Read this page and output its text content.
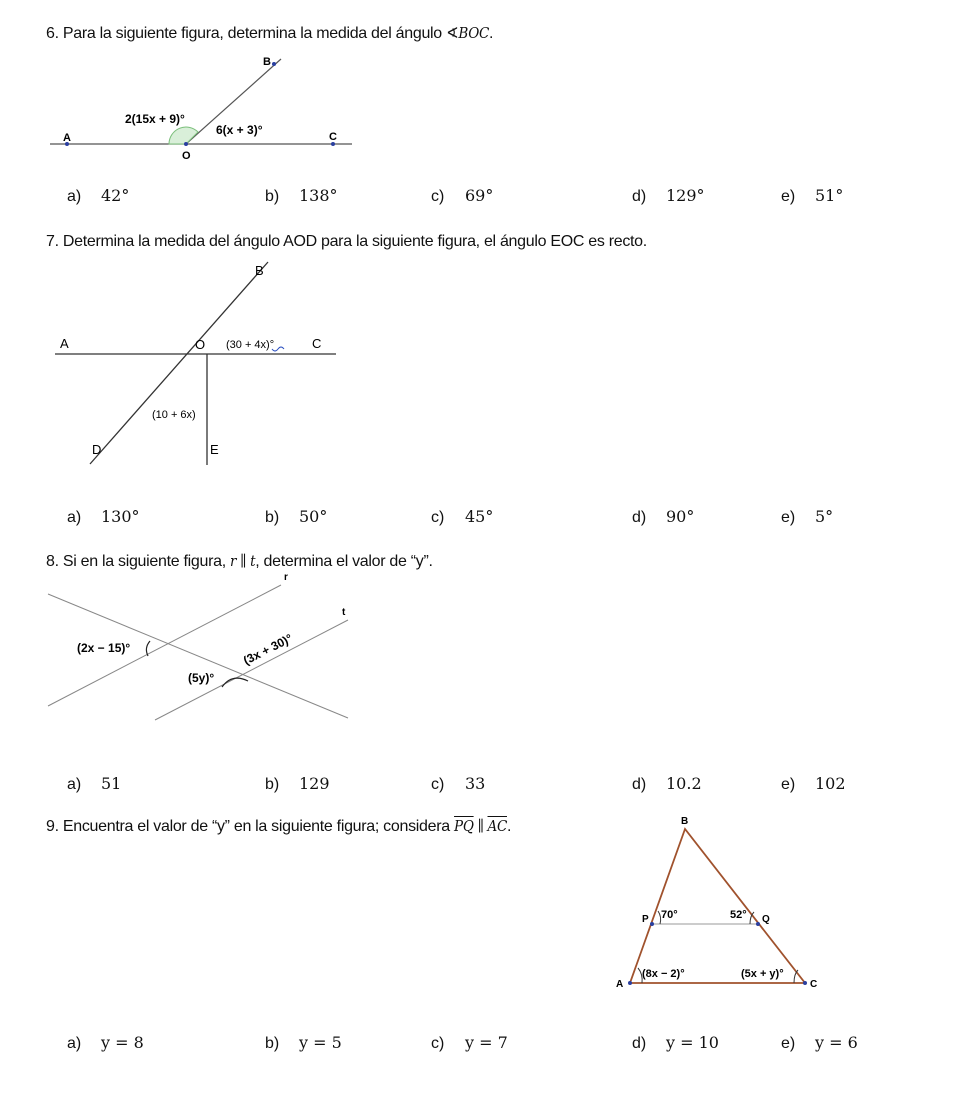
6. Para la siguiente figura, determina la medida del ángulo ∢BOC.
B
A
O
C
2(15x + 9)°
6(x + 3)°
a) 42°	b) 138°	c) 69°	d) 129°	e) 51°
7. Determina la medida del ángulo AOD para la siguiente figura, el ángulo EOC es recto.
B
A	O	C
D	E
(30 + 4x)°
(10 + 6x)
a) 130°	b) 50°	c) 45°	d) 90°	e) 5°
8. Si en la siguiente figura, r ∥ t, determina el valor de “y”.
r
t
(2x − 15)°	(3x + 30)°
(5y)°
a) 51	b) 129	c) 33	d) 10.2	e) 102
9. Encuentra el valor de “y” en la siguiente figura; considera $\overline{PQ}$ ∥ $\overline{AC}$.	B
P	Q
A	C
70°	52°
(8x − 2)°	(5x + y)°
a) y = 8	b) y = 5	c) y = 7	d) y = 10	e) y = 6
